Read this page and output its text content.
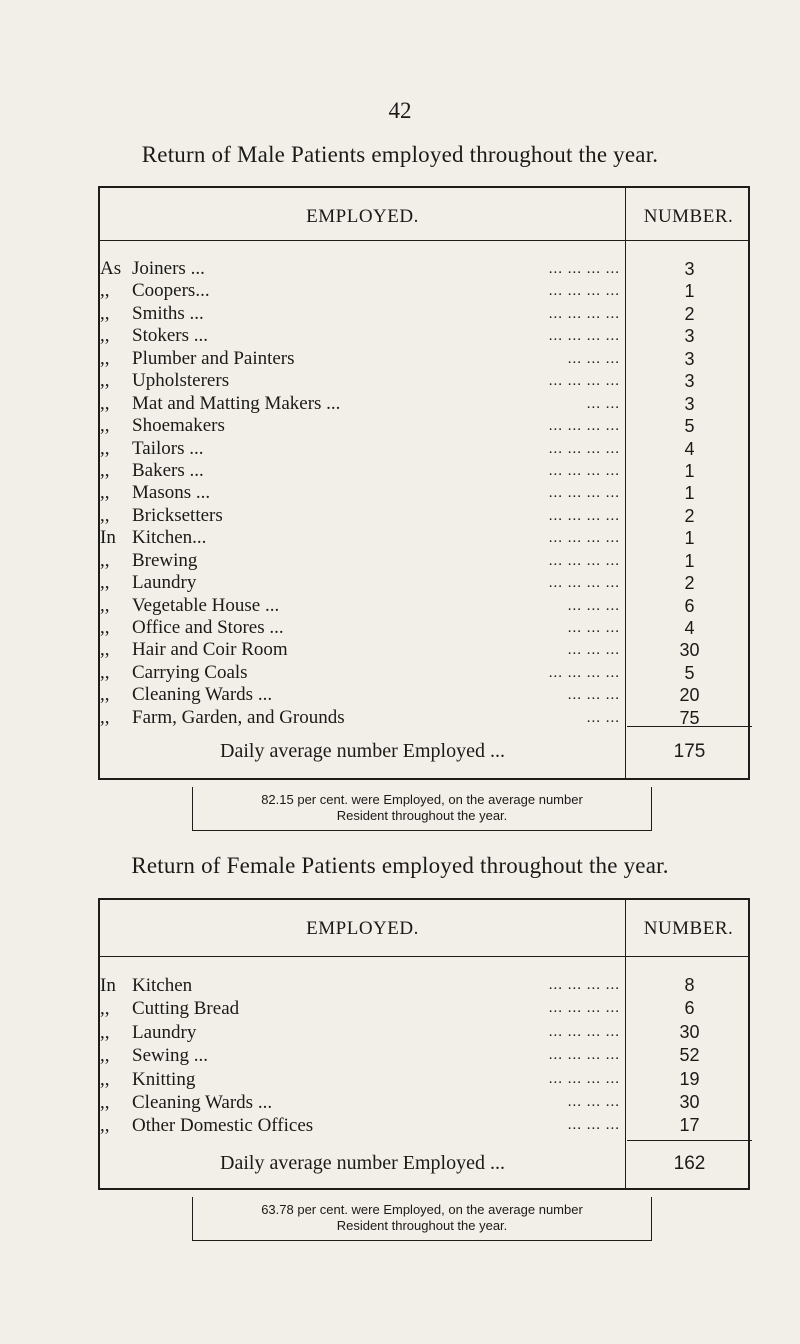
42
Return of Male Patients employed throughout the year.
EMPLOYED.	NUMBER.
As Joiners ...	... ... ... ...	3
,,	Coopers...	... ... ... ...	1
,,	Smiths ...	... ... ... ...	2
,,	Stokers ...	... ... ... ...	3
,,	Plumber and Painters	... ... ...	3
,,	Upholsterers	... ... ... ...	3
,,	Mat and Matting Makers ...	... ...	3
,,	Shoemakers	... ... ... ...	5
,,	Tailors ...	... ... ... ...	4
,,	Bakers ...	... ... ... ...	1
,,	Masons ...	... ... ... ...	1
,,	Bricksetters	... ... ... ...	2
In Kitchen...	... ... ... ...	1
,,	Brewing	... ... ... ...	1
,,	Laundry	... ... ... ...	2
,,	Vegetable House ...	... ... ...	6
,,	Office and Stores ...	... ... ...	4
,,	Hair and Coir Room	... ... ...	30
,,	Carrying Coals	... ... ... ...	5
,,	Cleaning Wards ...	... ... ...	20
,,	Farm, Garden, and Grounds	... ...	75
Daily average number Employed ...	175
82.15 per cent. were Employed, on the average number
Resident throughout the year.
Return of Female Patients employed throughout the year.
EMPLOYED.	NUMBER.
In Kitchen	... ... ... ...	8
,,	Cutting Bread	... ... ... ...	6
,,	Laundry	... ... ... ...	30
,,	Sewing ...	... ... ... ...	52
,,	Knitting	... ... ... ...	19
,,	Cleaning Wards ...	... ... ...	30
,,	Other Domestic Offices	... ... ...	17
Daily average number Employed ...	162
63.78 per cent. were Employed, on the average number
Resident throughout the year.
